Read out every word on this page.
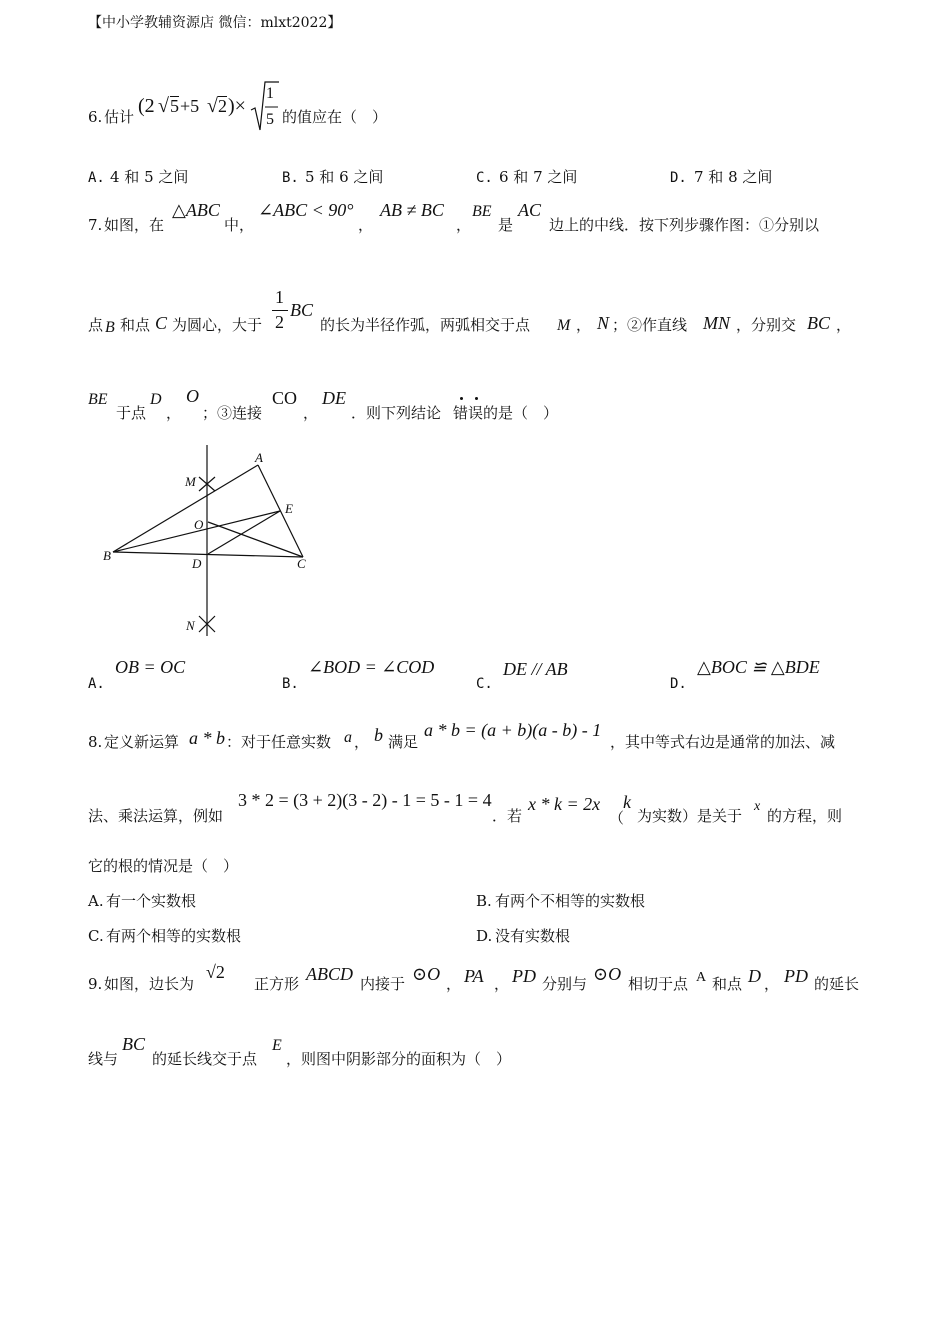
【中小学教辅资源店 微信：mlxt2022】
6. 估计 (2 √ 5 +5 √ 2 )×
1
5 的值应在（　）
A. 4 和 5 之间	B. 5 和 6 之间	C. 6 和 7 之间	D. 7 和 8 之间
7. 如图，在
△ABC
中，
∠ABC < 90°
，
AB ≠ BC
，
BE
是
AC
边上的中线．按下列步骤作图：①分别以
点 B 和点 C 为圆心，大于
1
2
BC
的长为半径作弧，两弧相交于点 M ， N ；②作直线 MN ，分别交 BC ，
BE
于点
D
，
O
；③连接
CO
，
DE
．则下列结论 错误 的是（　）
A
M
E
O
B
D	C
N
A.
OB = OC
B.
∠BOD = ∠COD
C.
DE // AB
D.
△BOC ≌ △BDE
8. 定义新运算 a * b ：对于任意实数 a ， b 满足
a * b = (a + b)(a - b) - 1
，其中等式右边是通常的加法、减
法、乘法运算，例如
3 * 2 = (3 + 2)(3 - 2) - 1 = 5 - 1 = 4
．若
x * k = 2x
（
k
为实数）是关于
x
的方程，则
它的根的情况是（　）
A. 有一个实数根	B. 有两个不相等的实数根
C. 有两个相等的实数根	D. 没有实数根
9. 如图，边长为
√2
正方形 ABCD 内接于 ⊙O ， PA ， PD 分别与 ⊙O 相切于点 A 和点 D ， PD 的延长
线与
BC
的延长线交于点
E
，则图中阴影部分的面积为（　）
